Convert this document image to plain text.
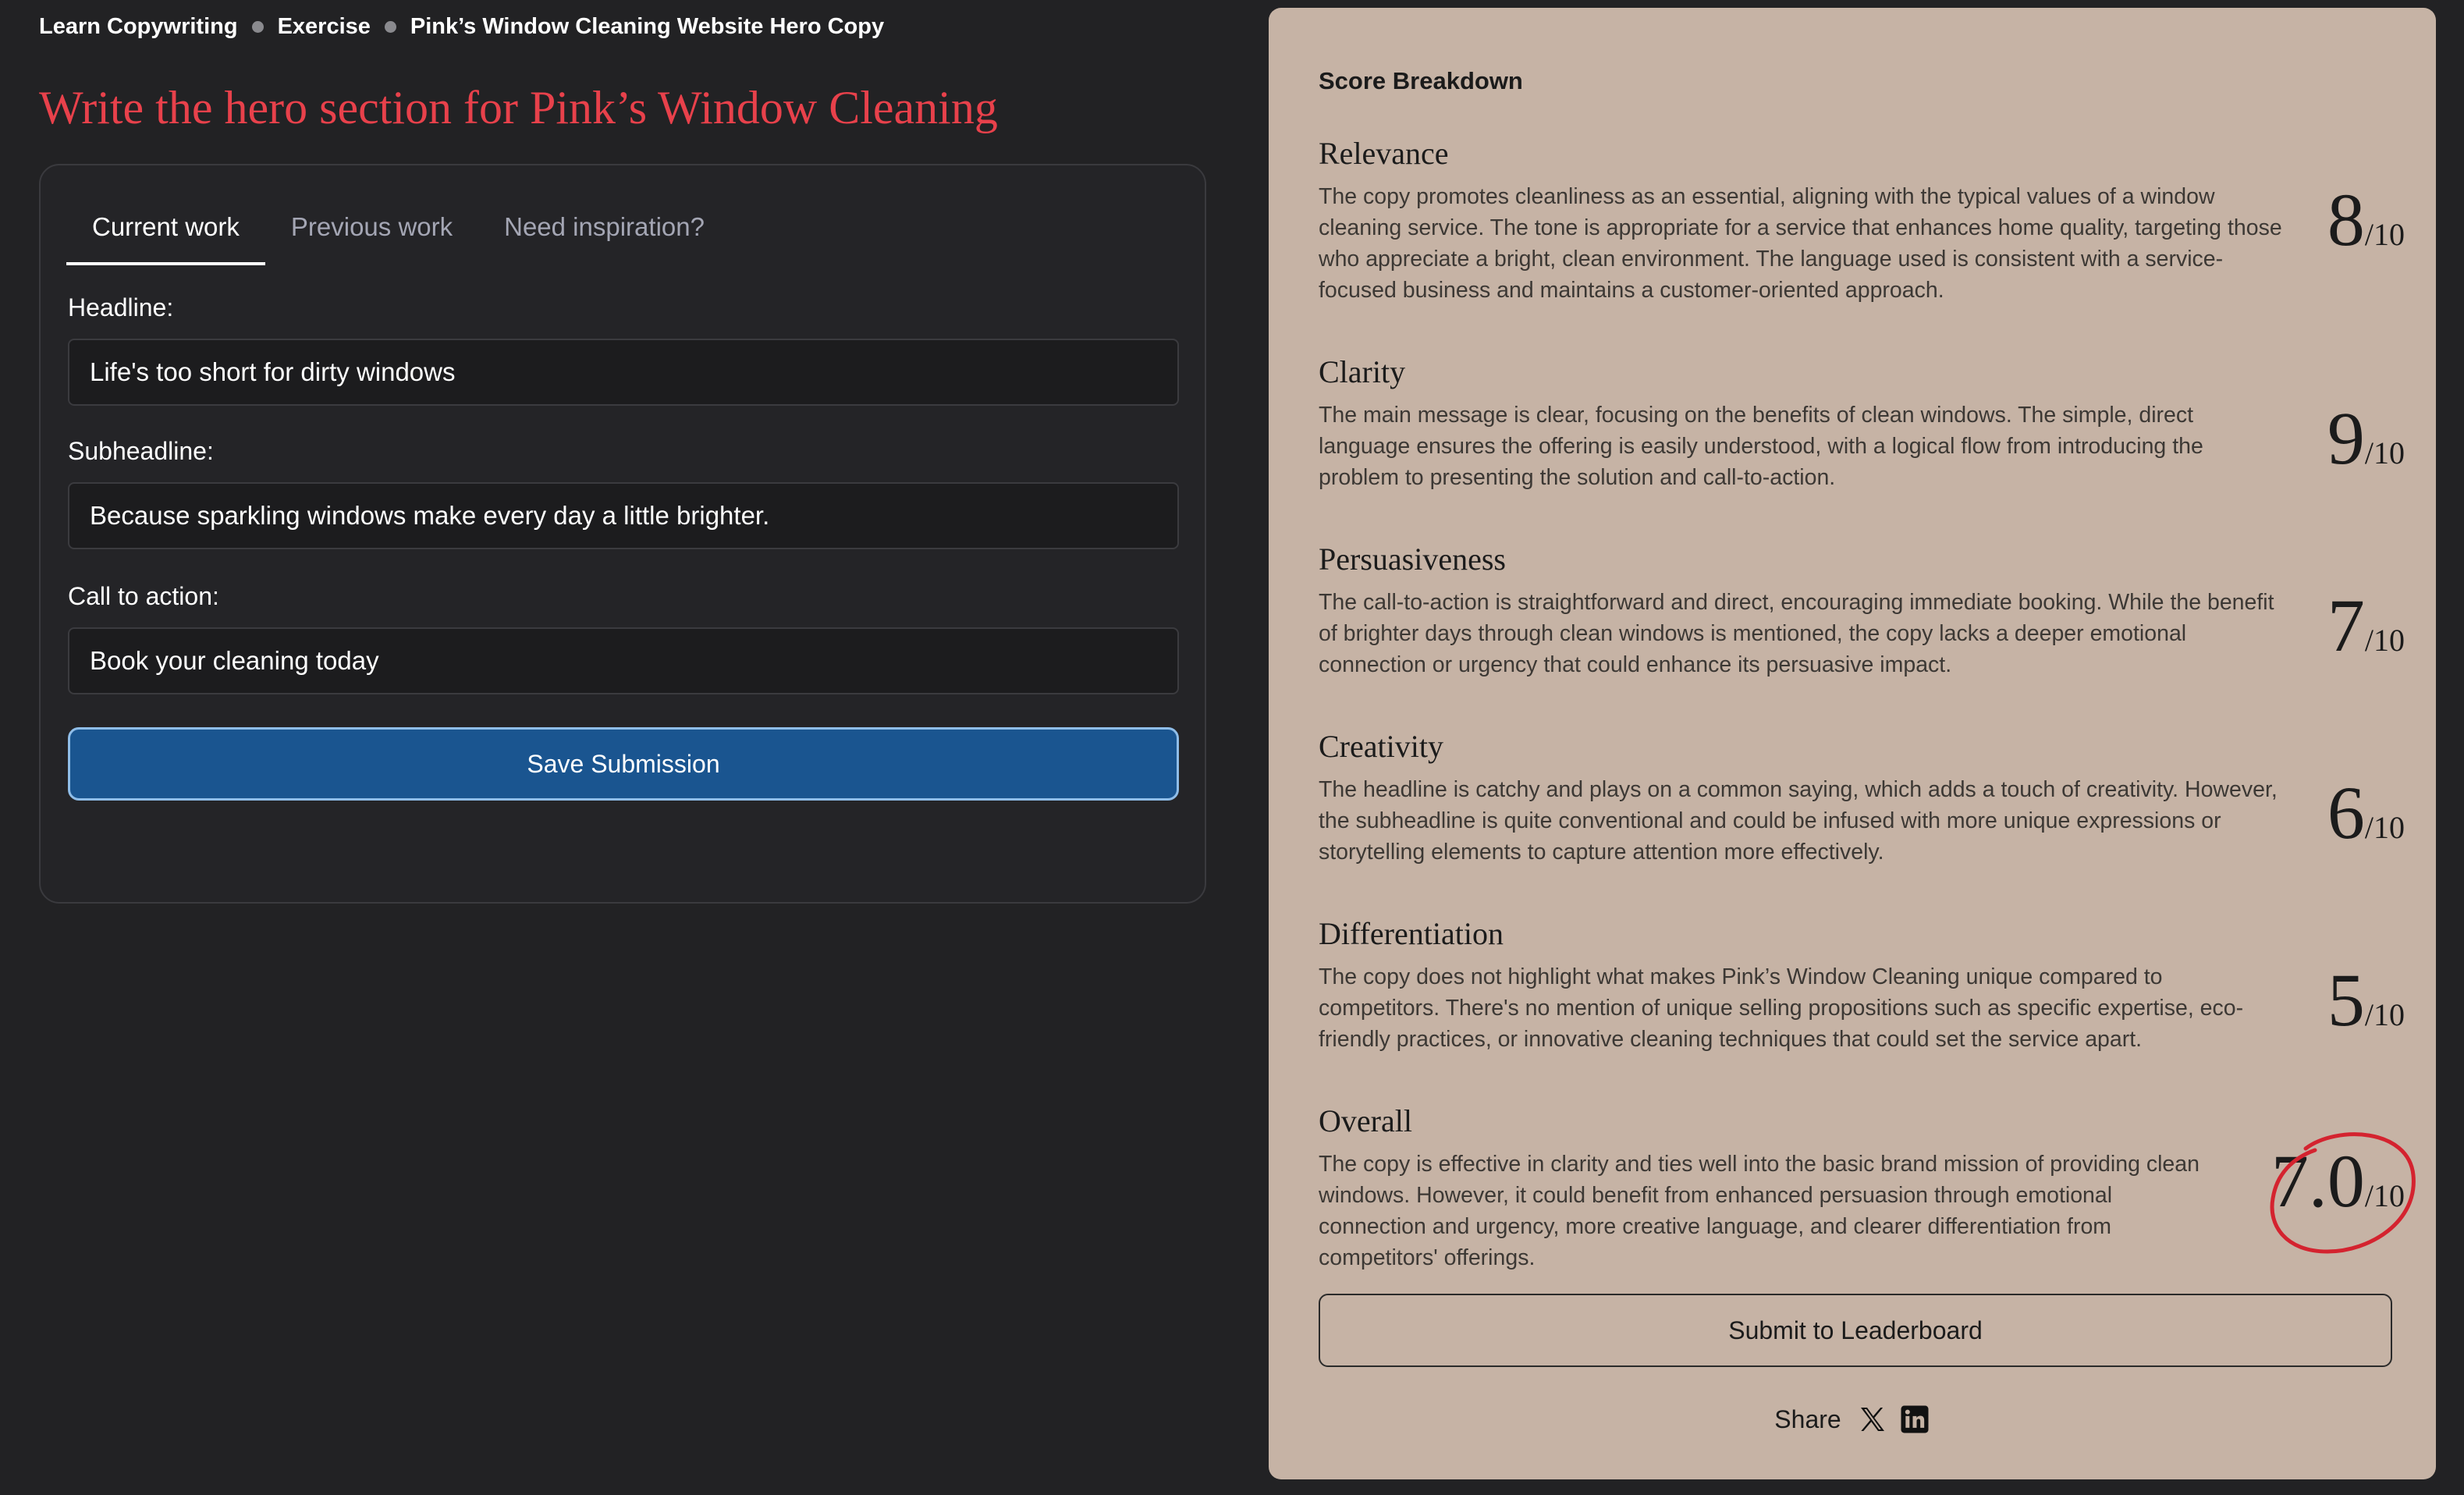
Learn Copywriting Exercise Pink’s Window Cleaning Website Hero Copy
Write the hero section for Pink’s Window Cleaning
Current work	Previous work	Need inspiration?
Headline:
Life's too short for dirty windows
Subheadline:
Because sparkling windows make every day a little brighter.
Call to action:
Book your cleaning today
Save Submission
Score Breakdown
Relevance

The copy promotes cleanliness as an essential, aligning with the typical values of a window cleaning service. The tone is appropriate for a service that enhances home quality, targeting those who appreciate a bright, clean environment. The language used is consistent with a service-focused business and maintains a customer-oriented approach.

8/10
Clarity

The main message is clear, focusing on the benefits of clean windows. The simple, direct language ensures the offering is easily understood, with a logical flow from introducing the problem to presenting the solution and call-to-action.	9/10
Persuasiveness

The call-to-action is straightforward and direct, encouraging immediate booking. While the benefit of brighter days through clean windows is mentioned, the copy lacks a deeper emotional connection or urgency that could enhance its persuasive impact.	7/10
Creativity

The headline is catchy and plays on a common saying, which adds a touch of creativity. However, the subheadline is quite conventional and could be infused with more unique expressions or storytelling elements to capture attention more effectively.	6/10
Differentiation

The copy does not highlight what makes Pink’s Window Cleaning unique compared to competitors. There's no mention of unique selling propositions such as specific expertise, eco-friendly practices, or innovative cleaning techniques that could set the service apart.	5/10
Overall

The copy is effective in clarity and ties well into the basic brand mission of providing clean windows. However, it could benefit from enhanced persuasion through emotional connection and urgency, more creative language, and clearer differentiation from competitors' offerings.

7.0/10
Submit to Leaderboard
Share
